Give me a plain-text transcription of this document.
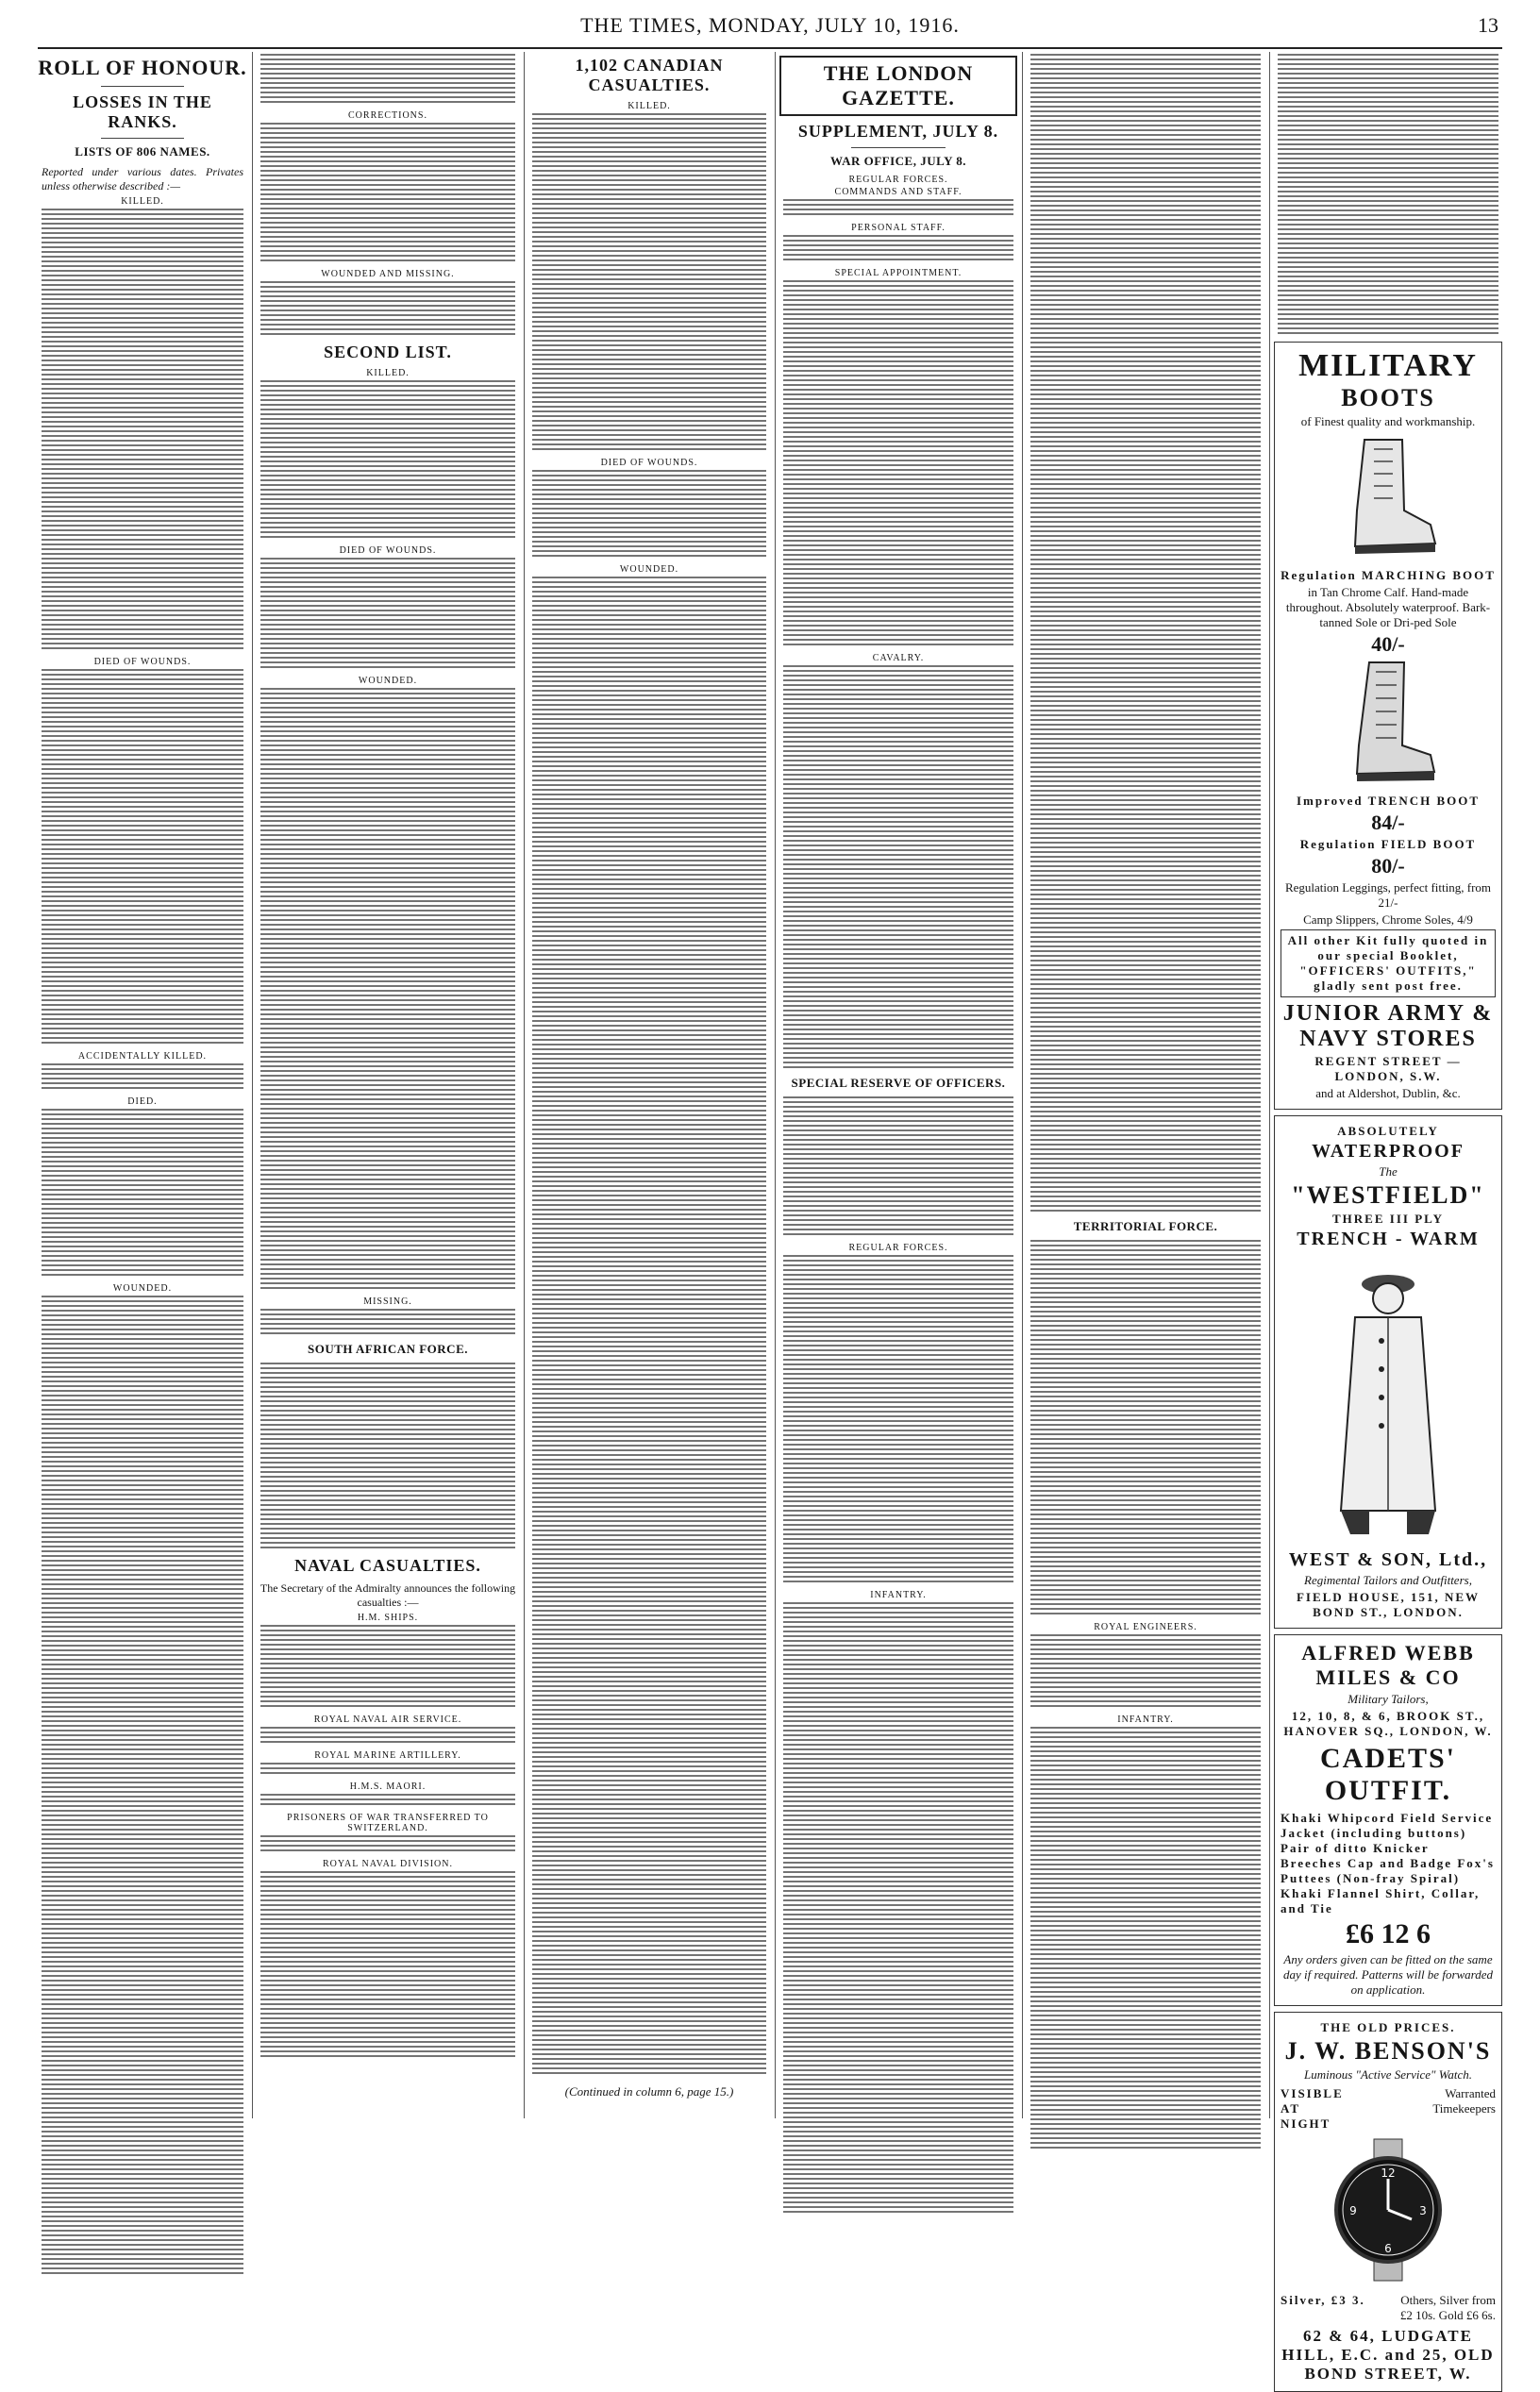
THE TIMES, MONDAY, JULY 10, 1916.	13
ROLL OF HONOUR.
LOSSES IN THE RANKS.
LISTS OF 806 NAMES.
Reported under various dates. Privates unless otherwise described :—
KILLED.
DIED OF WOUNDS.
ACCIDENTALLY KILLED.
DIED.
WOUNDED.
CORRECTIONS.
WOUNDED AND MISSING.
SECOND LIST.
KILLED.
DIED OF WOUNDS.
WOUNDED.
MISSING.
SOUTH AFRICAN FORCE.
NAVAL CASUALTIES.
The Secretary of the Admiralty announces the following casualties :—
H.M. SHIPS.
ROYAL NAVAL AIR SERVICE.
ROYAL MARINE ARTILLERY.
H.M.S. MAORI.
PRISONERS OF WAR TRANSFERRED TO SWITZERLAND.
ROYAL NAVAL DIVISION.
1,102 CANADIAN CASUALTIES.
KILLED.
DIED OF WOUNDS.
WOUNDED.
(Continued in column 6, page 15.)
THE LONDON GAZETTE.
SUPPLEMENT, JULY 8.
WAR OFFICE, JULY 8.
REGULAR FORCES.
COMMANDS AND STAFF.
PERSONAL STAFF.
SPECIAL APPOINTMENT.
CAVALRY.
SPECIAL RESERVE OF OFFICERS.
REGULAR FORCES.
INFANTRY.
TERRITORIAL FORCE.
ROYAL ENGINEERS.
INFANTRY.
MILITARY
BOOTS
of Finest quality and workmanship.
Regulation MARCHING BOOT
in Tan Chrome Calf. Hand-made throughout. Absolutely waterproof. Bark-tanned Sole or Dri-ped Sole
40/-
Improved TRENCH BOOT
84/-
Regulation FIELD BOOT
80/-
Regulation Leggings, perfect fitting, from 21/-
Camp Slippers, Chrome Soles, 4/9
All other Kit fully quoted in our special Booklet, "OFFICERS' OUTFITS," gladly sent post free.
JUNIOR ARMY & NAVY STORES
REGENT STREET — LONDON, S.W.
and at Aldershot, Dublin, &c.
ABSOLUTELY
WATERPROOF
The
"WESTFIELD"
THREE III PLY
TRENCH - WARM
WEST & SON, Ltd.,
Regimental Tailors and Outfitters,
FIELD HOUSE, 151, NEW BOND ST., LONDON.
ALFRED WEBB MILES & CO
Military Tailors,
12, 10, 8, & 6, BROOK ST., HANOVER SQ., LONDON, W.
CADETS' OUTFIT.
Khaki Whipcord Field Service Jacket (including buttons) Pair of ditto Knicker Breeches Cap and Badge Fox's Puttees (Non-fray Spiral) Khaki Flannel Shirt, Collar, and Tie
£6 12 6
Any orders given can be fitted on the same day if required. Patterns will be forwarded on application.
THE OLD PRICES.
J. W. BENSON'S
Luminous "Active Service" Watch.
VISIBLE AT NIGHT
Warranted Timekeepers
12
3
6
9
Silver, £3 3.	Others, Silver from £2 10s. Gold £6 6s.
62 & 64, LUDGATE HILL, E.C. and 25, OLD BOND STREET, W.
